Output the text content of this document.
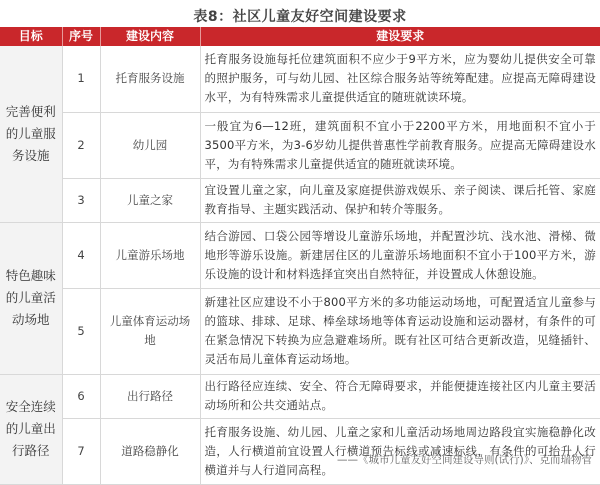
表8：社区儿童友好空间建设要求
目标	序号	建设内容	建设要求
完善便利的儿童服务设施	1	托育服务设施	托育服务设施每托位建筑面积不应少于9平方米，应为婴幼儿提供安全可靠的照护服务，可与幼儿园、社区综合服务站等统筹配建。应提高无障碍建设水平，为有特殊需求儿童提供适宜的随班就读环境。
	2	幼儿园	一般宜为6—12班，建筑面积不宜小于2200平方米，用地面积不宜小于3500平方米，为3-6岁幼儿提供普惠性学前教育服务。应提高无障碍建设水平，为有特殊需求儿童提供适宜的随班就读环境。
	3	儿童之家	宜设置儿童之家，向儿童及家庭提供游戏娱乐、亲子阅读、课后托管、家庭教育指导、主题实践活动、保护和转介等服务。
特色趣味的儿童活动场地	4	儿童游乐场地	结合游园、口袋公园等增设儿童游乐场地，并配置沙坑、浅水池、滑梯、微地形等游乐设施。新建居住区的儿童游乐场地面积不宜小于100平方米，游乐设施的设计和材料选择宜突出自然特征，并设置成人休憩设施。
	5	儿童体育运动场地	新建社区应建设不小于800平方米的多功能运动场地，可配置适宜儿童参与的篮球、排球、足球、棒垒球场地等体育运动设施和运动器材，有条件的可在紧急情况下转换为应急避难场所。既有社区可结合更新改造，见缝插针、灵活布局儿童体育运动场地。
安全连续的儿童出行路径	6	出行路径	出行路径应连续、安全、符合无障碍要求，并能便捷连接社区内儿童主要活动场所和公共交通站点。
	7	道路稳静化	托育服务设施、幼儿园、儿童之家和儿童活动场地周边路段宜实施稳静化改造，人行横道前宜设置人行横道预告标线或减速标线，有条件的可抬升人行横道并与人行道同高程。
——《城市儿童友好空间建设导则(试行)》、克而瑞物管
